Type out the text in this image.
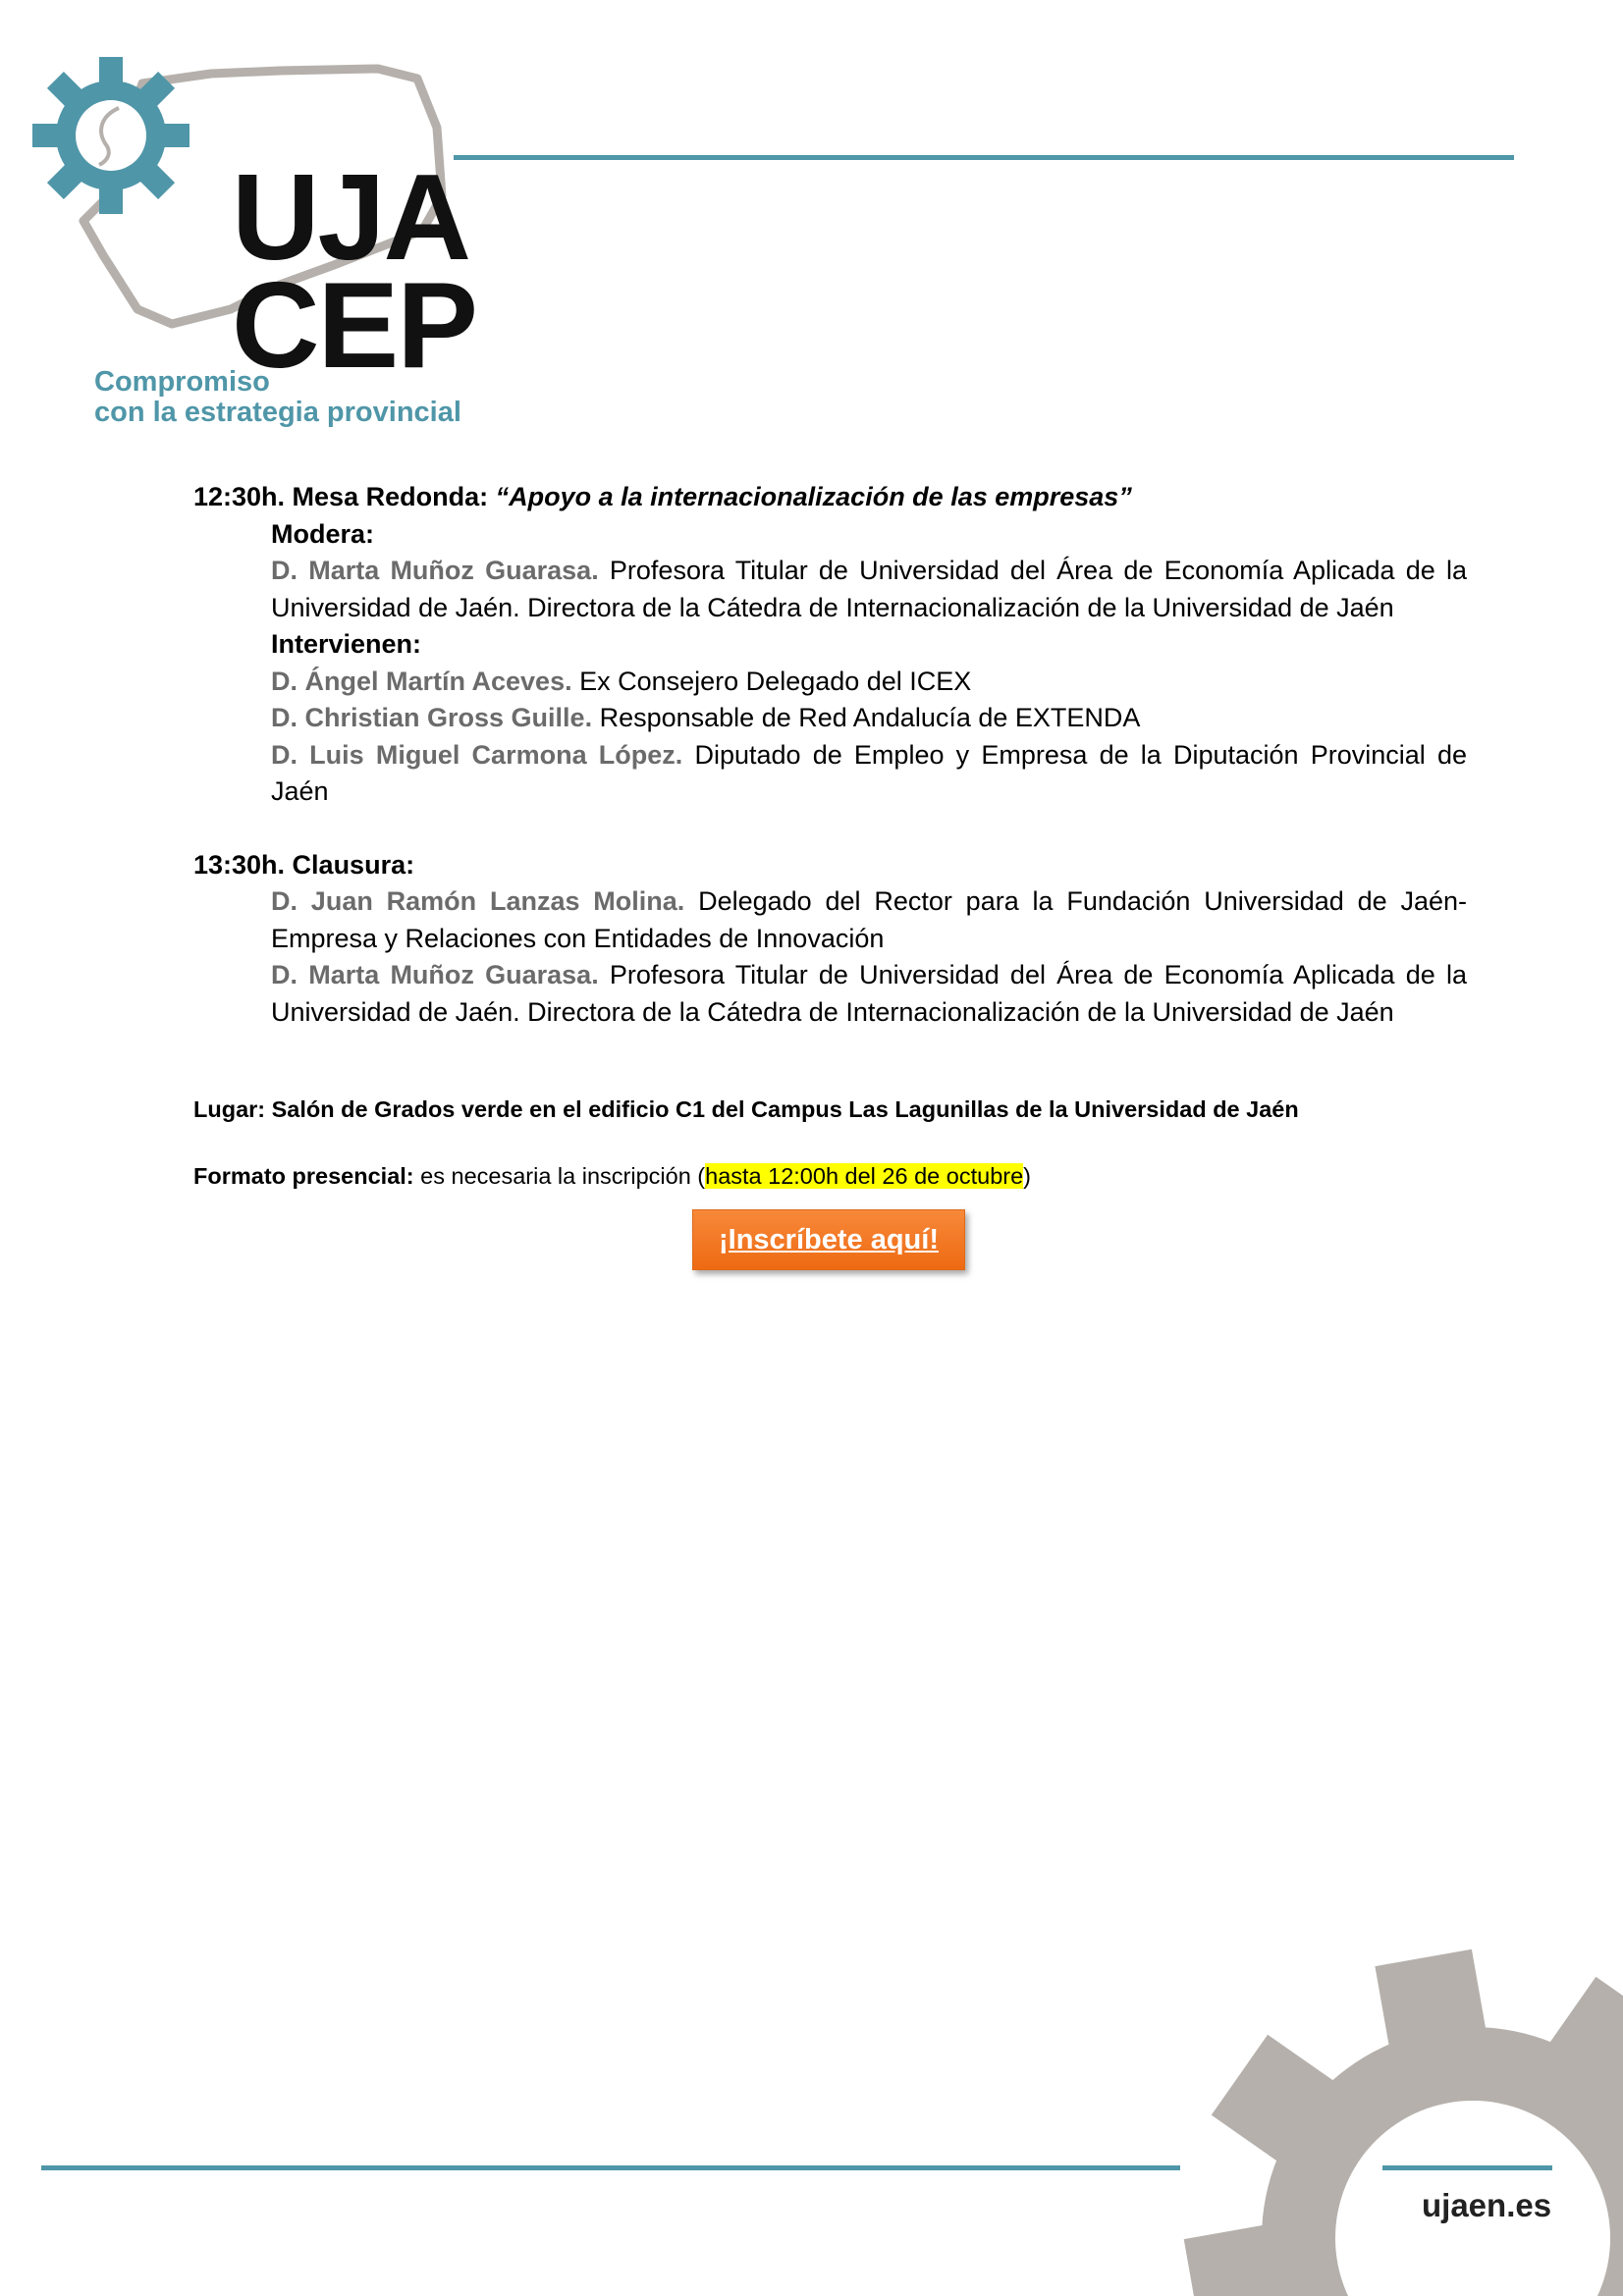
UJA
CEP
Compromiso
con la estrategia provincial
12:30h. Mesa Redonda: “Apoyo a la internacionalización de las empresas”
Modera:
D. Marta Muñoz Guarasa. Profesora Titular de Universidad del Área de Economía Aplicada de la Universidad de Jaén. Directora de la Cátedra de Internacionalización de la Universidad de Jaén
Intervienen:
D. Ángel Martín Aceves. Ex Consejero Delegado del ICEX
D. Christian Gross Guille. Responsable de Red Andalucía de EXTENDA
D. Luis Miguel Carmona López. Diputado de Empleo y Empresa de la Diputación Provincial de Jaén
13:30h. Clausura:
D. Juan Ramón Lanzas Molina. Delegado del Rector para la Fundación Universidad de Jaén-Empresa y Relaciones con Entidades de Innovación
D. Marta Muñoz Guarasa. Profesora Titular de Universidad del Área de Economía Aplicada de la Universidad de Jaén. Directora de la Cátedra de Internacionalización de la Universidad de Jaén
Lugar: Salón de Grados verde en el edificio C1 del Campus Las Lagunillas de la Universidad de Jaén
Formato presencial: es necesaria la inscripción (hasta 12:00h del 26 de octubre)
¡Inscríbete aquí!
ujaen.es
